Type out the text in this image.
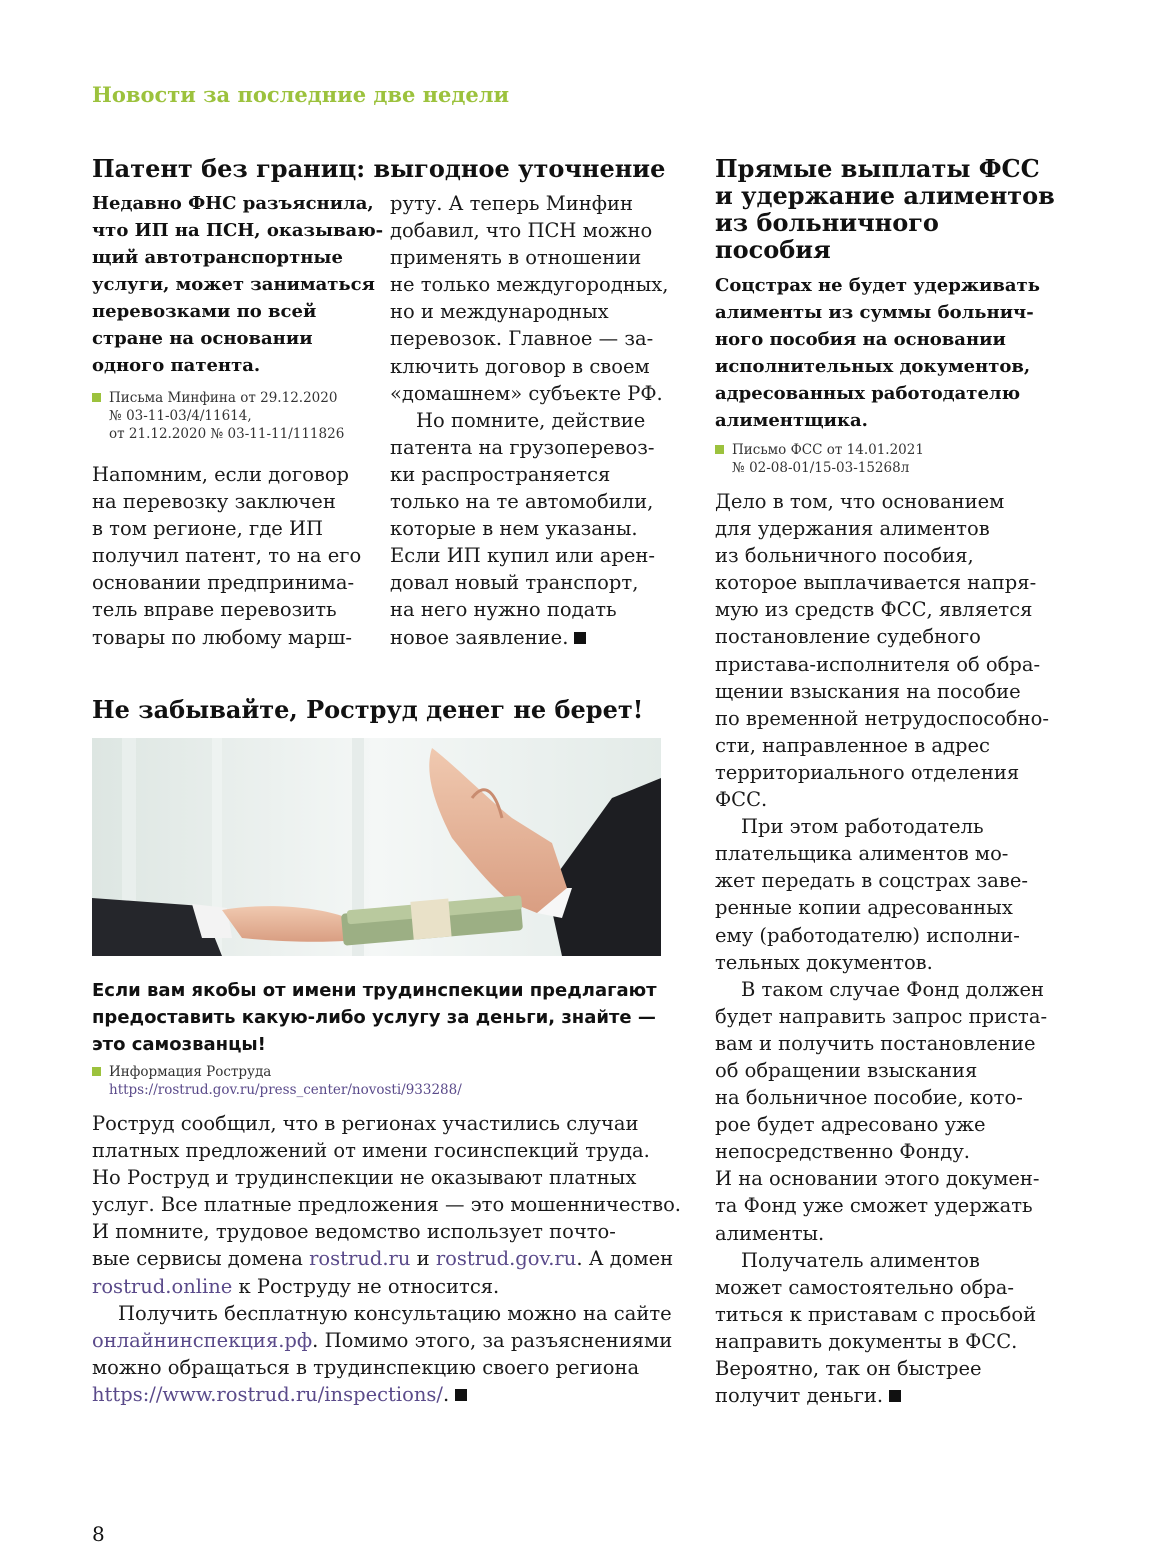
Новости за последние две недели
Патент без границ: выгодное уточнение
Недавно ФНС разъяснила,
что ИП на ПСН, оказываю-
щий автотранспортные
услуги, может заниматься
перевозками по всей
стране на основании
одного патента.
Письма Минфина от 29.12.2020
№ 03-11-03/4/11614,
от 21.12.2020 № 03-11-11/111826
Напомним, если договор
на перевозку заключен
в том регионе, где ИП
получил патент, то на его
основании предпринима-
тель вправе перевозить
товары по любому марш-
руту. А теперь Минфин
добавил, что ПСН можно
применять в отношении
не только междугородных,
но и международных
перевозок. Главное — за-
ключить договор в своем
«домашнем» субъекте РФ.
Но помните, действие
патента на грузоперевоз-
ки распространяется
только на те автомобили,
которые в нем указаны.
Если ИП купил или арен-
довал новый транспорт,
на него нужно подать
новое заявление.
Не забывайте, Роструд денег не берет!
Если вам якобы от имени трудинспекции предлагают
предоставить какую-либо услугу за деньги, знайте —
это самозванцы!
Информация Роструда
https://rostrud.gov.ru/press_center/novosti/933288/
Роструд сообщил, что в регионах участились случаи
платных предложений от имени госинспекций труда.
Но Роструд и трудинспекции не оказывают платных
услуг. Все платные предложения — это мошенничество.
И помните, трудовое ведомство использует почто-
вые сервисы домена rostrud.ru и rostrud.gov.ru. А домен
rostrud.online к Роструду не относится.
Получить бесплатную консультацию можно на сайте
онлайнинспекция.рф. Помимо этого, за разъяснениями
можно обращаться в трудинспекцию своего региона
https://www.rostrud.ru/inspections/.
Прямые выплаты ФСС
и удержание алиментов
из больничного
пособия
Соцстрах не будет удерживать
алименты из суммы больнич-
ного пособия на основании
исполнительных документов,
адресованных работодателю
алиментщика.
Письмо ФСС от 14.01.2021
№ 02-08-01/15-03-15268л
Дело в том, что основанием
для удержания алиментов
из больничного пособия,
которое выплачивается напря-
мую из средств ФСС, является
постановление судебного
пристава-исполнителя об обра-
щении взыскания на пособие
по временной нетрудоспособно-
сти, направленное в адрес
территориального отделения
ФСС.
При этом работодатель
плательщика алиментов мо-
жет передать в соцстрах заве-
ренные копии адресованных
ему (работодателю) исполни-
тельных документов.
В таком случае Фонд должен
будет направить запрос приста-
вам и получить постановление
об обращении взыскания
на больничное пособие, кото-
рое будет адресовано уже
непосредственно Фонду.
И на основании этого докумен-
та Фонд уже сможет удержать
алименты.
Получатель алиментов
может самостоятельно обра-
титься к приставам с просьбой
направить документы в ФСС.
Вероятно, так он быстрее
получит деньги.
8
